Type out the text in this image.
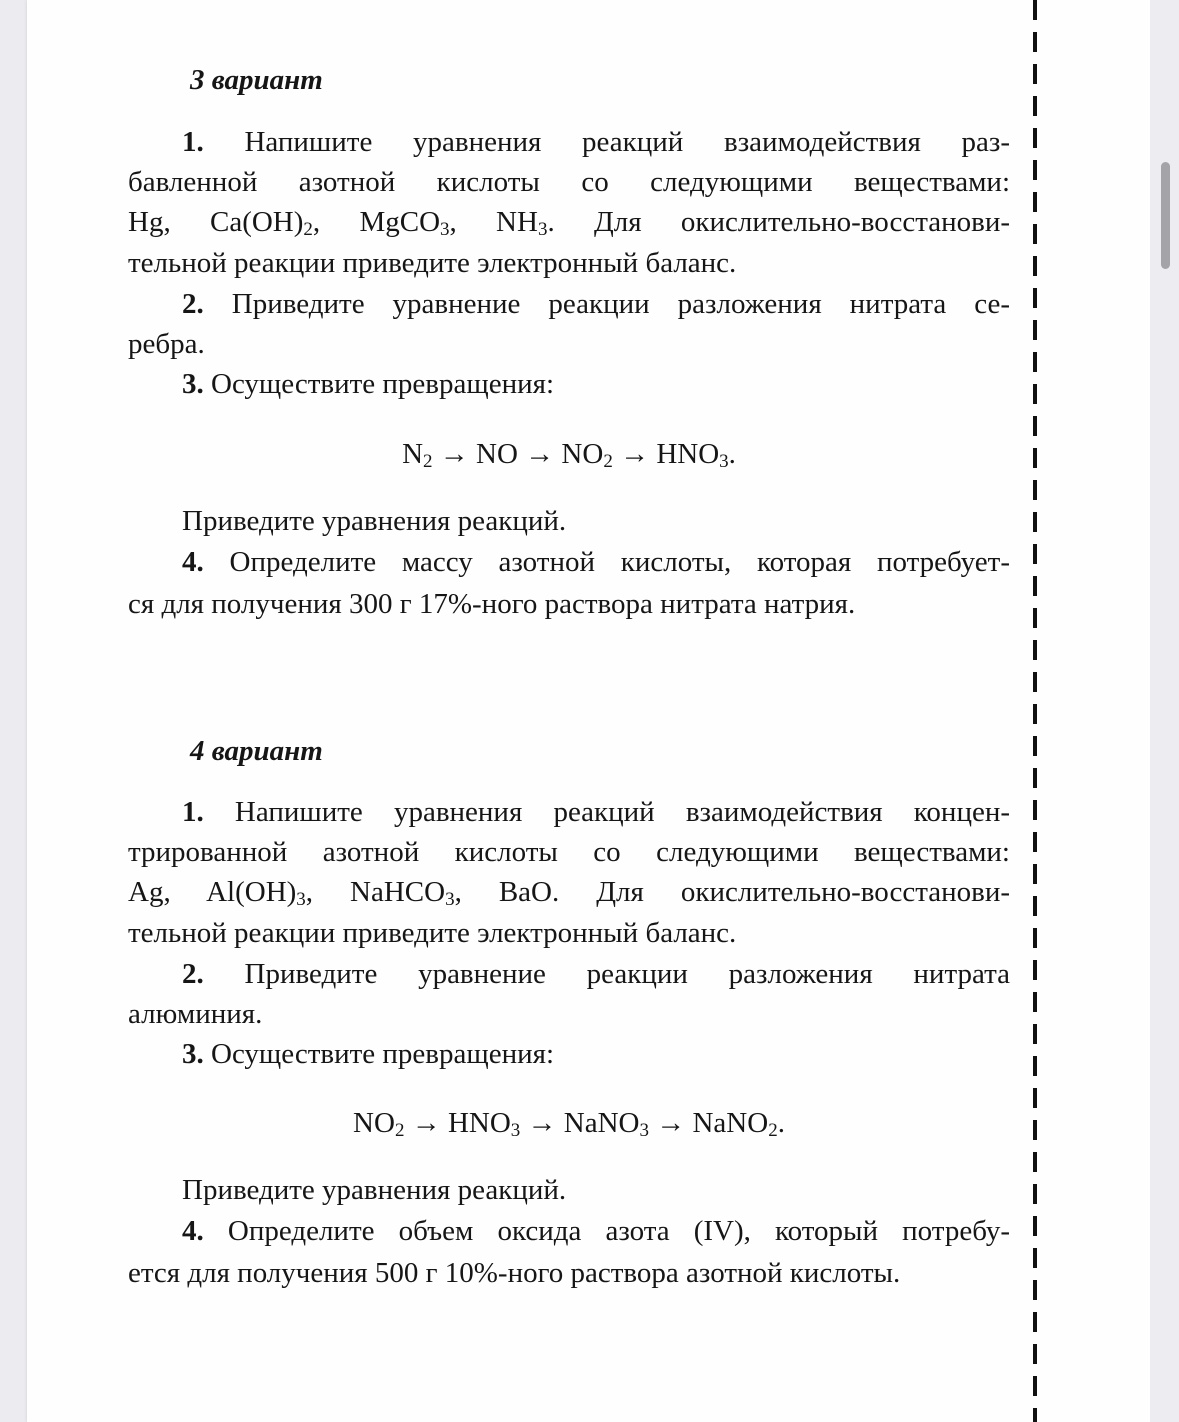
3 вариант
1. Напишите уравнения реакций взаимодействия раз-
бавленной азотной кислоты со следующими веществами:
Hg, $Ca(OH)_2$, MgCO$_3$, $NH_3$. Для окислительно-восстанови-
тельной реакции приведите электронный баланс.
2. Приведите уравнение реакции разложения нитрата се-
ребра.
3. Осуществите превращения:
$N_2$ → NO → $NO_2 \to HNO_3$.
Приведите уравнения реакций.
4. Определите массу азотной кислоты, которая потребует-
ся для получения 300 г 17%-ного раствора нитрата натрия.
4 вариант
1. Напишите уравнения реакций взаимодействия концен-
трированной азотной кислоты со следующими веществами:
Ag, $Al(OH)_3$, NaHCO$_3$, BaO. Для окислительно-восстанови-
тельной реакции приведите электронный баланс.
2. Приведите уравнение реакции разложения нитрата
алюминия.
3. Осуществите превращения:
$NO_2 \to HNO_3$ → NaNO$_3$ → NaNO$_2$.
Приведите уравнения реакций.
4. Определите объем оксида азота (IV), который потребу-
ется для получения 500 г 10%-ного раствора азотной кислоты.
